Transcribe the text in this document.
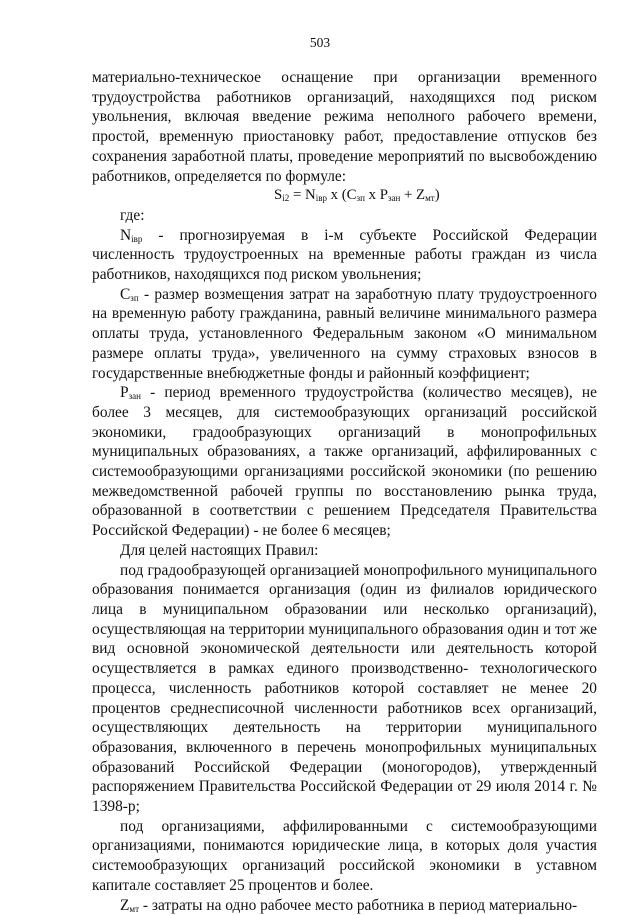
503

материально-техническое оснащение при организации временного трудоустройства работников организаций, находящихся под риском увольнения, включая введение режима неполного рабочего времени, простой, временную приостановку работ, предоставление отпусков без сохранения заработной платы, проведение мероприятий по высвобождению работников, определяется по формуле:

$S_{i2} = N_{iвр}$ x ($C_{зп}$ x $P_{зан} + Z_{мт}$)

где:

$N_{iвр}$ - прогнозируемая в i-м субъекте Российской Федерации численность трудоустроенных на временные работы граждан из числа работников, находящихся под риском увольнения;

$C_{зп}$ - размер возмещения затрат на заработную плату трудоустроенного на временную работу гражданина, равный величине минимального размера оплаты труда, установленного Федеральным законом «О минимальном размере оплаты труда», увеличенного на сумму страховых взносов в государственные внебюджетные фонды и районный коэффициент;

$P_{зан}$ - период временного трудоустройства (количество месяцев), не более 3 месяцев, для системообразующих организаций российской экономики, градообразующих организаций в монопрофильных муниципальных образованиях, а также организаций, аффилированных с системообразующими организациями российской экономики (по решению межведомственной рабочей группы по восстановлению рынка труда, образованной в соответствии с решением Председателя Правительства Российской Федерации) - не более 6 месяцев;

Для целей настоящих Правил:

под градообразующей организацией монопрофильного муниципального образования понимается организация (один из филиалов юридического лица в муниципальном образовании или несколько организаций), осуществляющая на территории муниципального образования один и тот же вид основной экономической деятельности или деятельность которой осуществляется в рамках единого производственно- технологического процесса, численность работников которой составляет не менее 20 процентов среднесписочной численности работников всех организаций, осуществляющих деятельность на территории муниципального образования, включенного в перечень монопрофильных муниципальных образований Российской Федерации (моногородов), утвержденный распоряжением Правительства Российской Федерации от 29 июля 2014 г. № 1398-р;

под организациями, аффилированными с системообразующими организациями, понимаются юридические лица, в которых доля участия системообразующих организаций российской экономики в уставном капитале составляет 25 процентов и более.

$Z_{мт}$ - затраты на одно рабочее место работника в период материально-
